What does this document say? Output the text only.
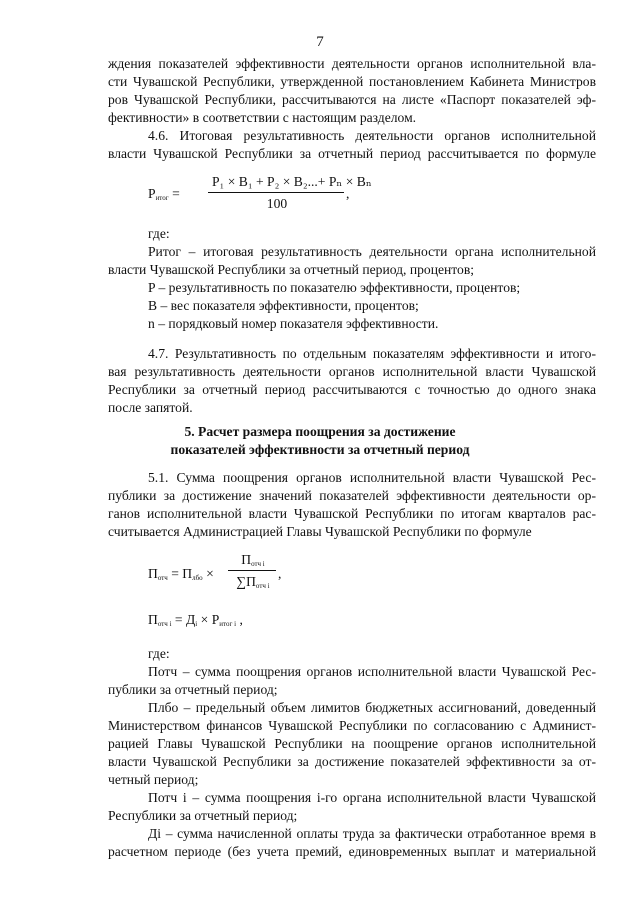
7
ждения показателей эффективности деятельности органов исполнительной вла-
сти Чувашской Республики, утвержденной постановлением Кабинета Министров
ров Чувашской Республики, рассчитываются на листе «Паспорт показателей эф-
фективности» в соответствии с настоящим разделом.
4.6. Итоговая результативность деятельности органов исполнительной
власти Чувашской Республики за отчетный период рассчитывается по формуле
$P_{итог}$ =
P₁ × B₁ + P₂ × B₂...+ Pₙ × Bₙ
100
,
где:
Pитог – итоговая результативность деятельности органа исполнительной
власти Чувашской Республики за отчетный период, процентов;
P – результативность по показателю эффективности, процентов;
B – вес показателя эффективности, процентов;
n – порядковый номер показателя эффективности.
4.7. Результативность по отдельным показателям эффективности и итого-
вая результативность деятельности органов исполнительной власти Чувашской
Республики за отчетный период рассчитываются с точностью до одного знака
после запятой.
5. Расчет размера поощрения за достижение
показателей эффективности за отчетный период
5.1. Сумма поощрения органов исполнительной власти Чувашской Рес-
публики за достижение значений показателей эффективности деятельности ор-
ганов исполнительной власти Чувашской Республики по итогам кварталов рас-
считывается Администрацией Главы Чувашской Республики по формуле
$П_{отч} = П_{лбо}$ ×
$П_{отч i}$
$\sum П_{отч i}$
,
$П_{отч i} = Д_i \times P_{итог i}$ ,
где:
Потч – сумма поощрения органов исполнительной власти Чувашской Рес-
публики за отчетный период;
Плбо – предельный объем лимитов бюджетных ассигнований, доведенный
Министерством финансов Чувашской Республики по согласованию с Админист-
рацией Главы Чувашской Республики на поощрение органов исполнительной
власти Чувашской Республики за достижение показателей эффективности за от-
четный период;
Потч i – сумма поощрения i-го органа исполнительной власти Чувашской
Республики за отчетный период;
Дi – сумма начисленной оплаты труда за фактически отработанное время в
расчетном периоде (без учета премий, единовременных выплат и материальной
